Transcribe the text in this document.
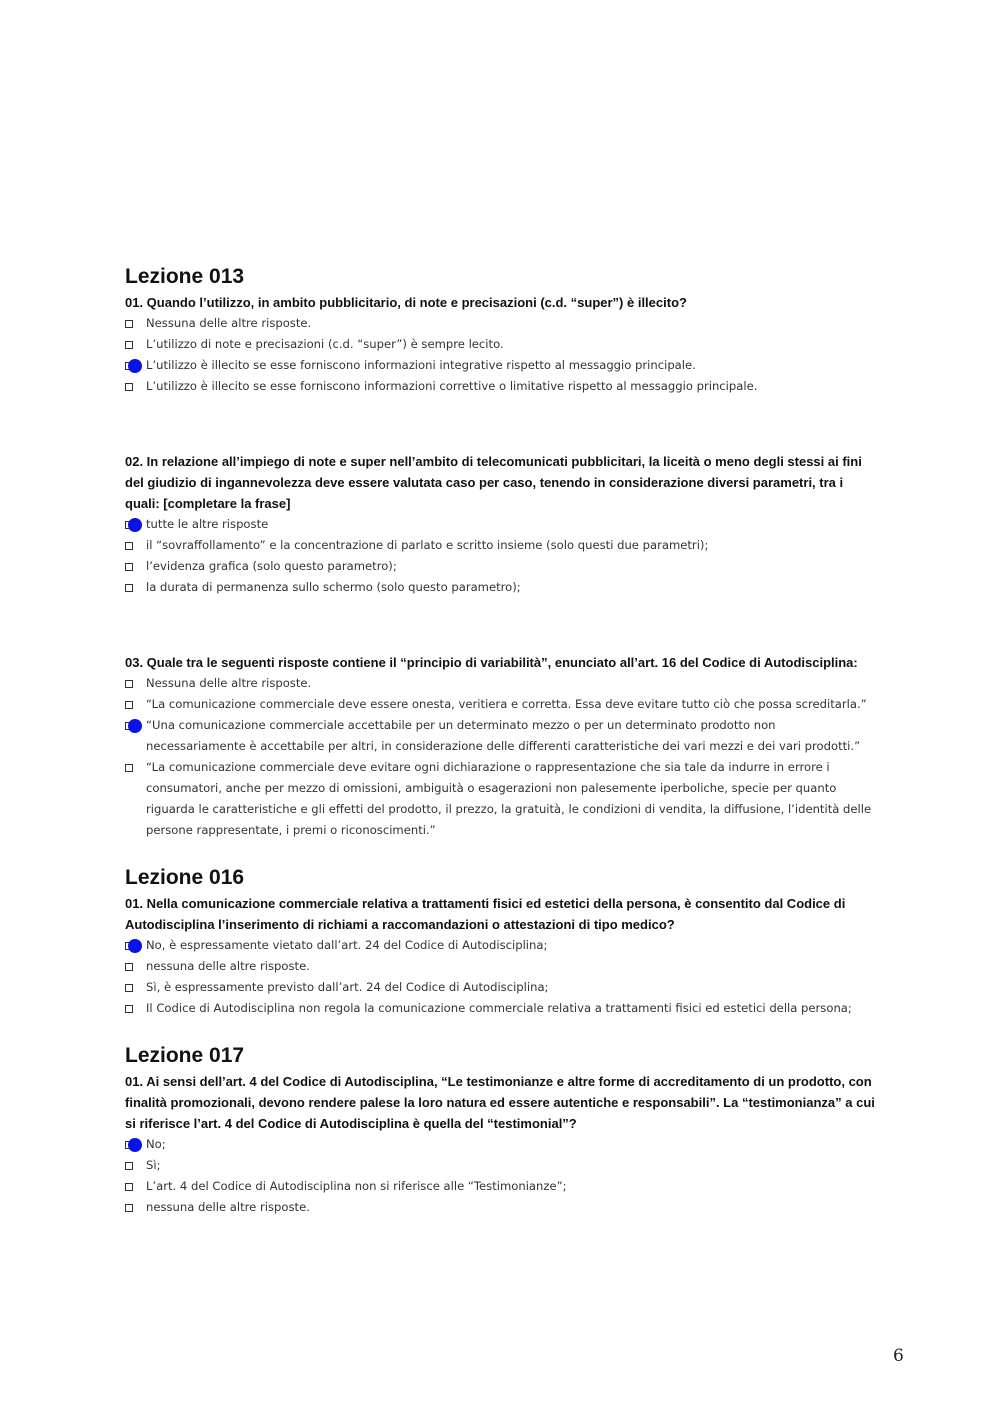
Lezione 013

01. Quando l’utilizzo, in ambito pubblicitario, di note e precisazioni (c.d. “super”) è illecito?

Nessuna delle altre risposte.
L’utilizzo di note e precisazioni (c.d. “super”) è sempre lecito.
L’utilizzo è illecito se esse forniscono informazioni integrative rispetto al messaggio principale.
L’utilizzo è illecito se esse forniscono informazioni correttive o limitative rispetto al messaggio principale.

02. In relazione all’impiego di note e super nell’ambito di telecomunicati pubblicitari, la liceità o meno degli stessi ai fini del giudizio di ingannevolezza deve essere valutata caso per caso, tenendo in considerazione diversi parametri, tra i quali: [completare la frase]

tutte le altre risposte
il “sovraffollamento” e la concentrazione di parlato e scritto insieme (solo questi due parametri);
l’evidenza grafica (solo questo parametro);
la durata di permanenza sullo schermo (solo questo parametro);

03. Quale tra le seguenti risposte contiene il “principio di variabilità”, enunciato all’art. 16 del Codice di Autodisciplina:

Nessuna delle altre risposte.
“La comunicazione commerciale deve essere onesta, veritiera e corretta. Essa deve evitare tutto ciò che possa screditarla.”
“Una comunicazione commerciale accettabile per un determinato mezzo o per un determinato prodotto non necessariamente è accettabile per altri, in considerazione delle differenti caratteristiche dei vari mezzi e dei vari prodotti.”
“La comunicazione commerciale deve evitare ogni dichiarazione o rappresentazione che sia tale da indurre in errore i consumatori, anche per mezzo di omissioni, ambiguità o esagerazioni non palesemente iperboliche, specie per quanto riguarda le caratteristiche e gli effetti del prodotto, il prezzo, la gratuità, le condizioni di vendita, la diffusione, l’identità delle persone rappresentate, i premi o riconoscimenti.”
Lezione 016

01. Nella comunicazione commerciale relativa a trattamenti fisici ed estetici della persona, è consentito dal Codice di Autodisciplina l’inserimento di richiami a raccomandazioni o attestazioni di tipo medico?

No, è espressamente vietato dall’art. 24 del Codice di Autodisciplina;
nessuna delle altre risposte.
Sì, è espressamente previsto dall’art. 24 del Codice di Autodisciplina;
Il Codice di Autodisciplina non regola la comunicazione commerciale relativa a trattamenti fisici ed estetici della persona;
Lezione 017

01. Ai sensi dell’art. 4 del Codice di Autodisciplina, “Le testimonianze e altre forme di accreditamento di un prodotto, con finalità promozionali, devono rendere palese la loro natura ed essere autentiche e responsabili”. La “testimonianza” a cui si riferisce l’art. 4 del Codice di Autodisciplina è quella del “testimonial”?

No;
Sì;
L’art. 4 del Codice di Autodisciplina non si riferisce alle “Testimonianze”;
nessuna delle altre risposte.
6
